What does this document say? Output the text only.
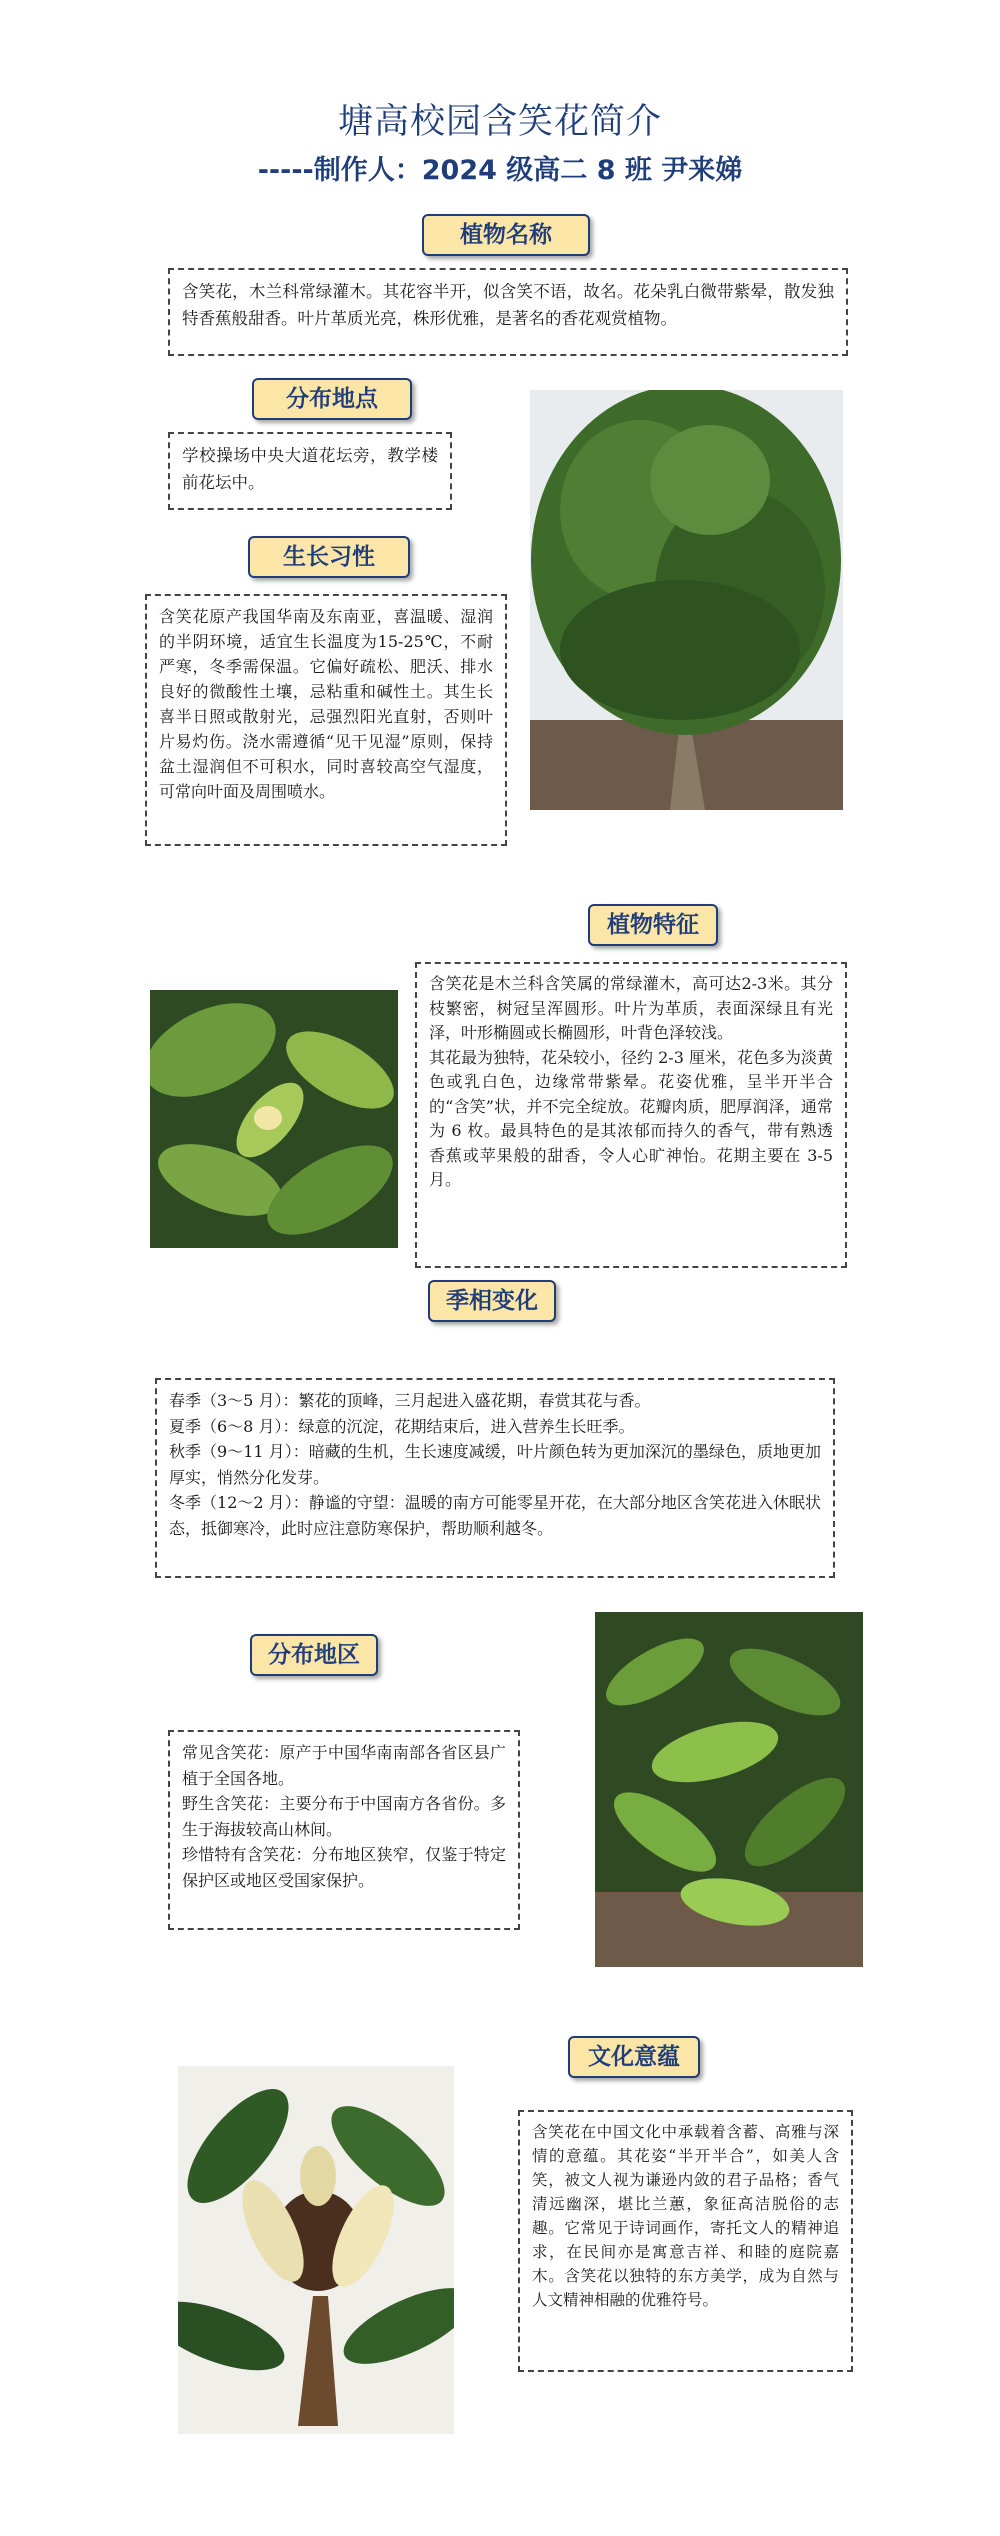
塘高校园含笑花简介
-----制作人：2024 级高二 8 班 尹来娣
植物名称

含笑花，木兰科常绿灌木。其花容半开，似含笑不语，故名。花朵乳白微带紫晕，散发独特香蕉般甜香。叶片革质光亮，株形优雅，是著名的香花观赏植物。

分布地点

学校操场中央大道花坛旁，教学楼前花坛中。

生长习性

含笑花原产我国华南及东南亚，喜温暖、湿润的半阴环境，适宜生长温度为15-25℃，不耐严寒，冬季需保温。它偏好疏松、肥沃、排水良好的微酸性土壤，忌粘重和碱性土。其生长喜半日照或散射光，忌强烈阳光直射，否则叶片易灼伤。浇水需遵循“见干见湿”原则，保持盆土湿润但不可积水，同时喜较高空气湿度，可常向叶面及周围喷水。

植物特征

含笑花是木兰科含笑属的常绿灌木，高可达2-3米。其分枝繁密，树冠呈浑圆形。叶片为革质，表面深绿且有光泽，叶形椭圆或长椭圆形，叶背色泽较浅。

其花最为独特，花朵较小，径约 2-3 厘米，花色多为淡黄色或乳白色，边缘常带紫晕。花姿优雅，呈半开半合的“含笑”状，并不完全绽放。花瓣肉质，肥厚润泽，通常为 6 枚。最具特色的是其浓郁而持久的香气，带有熟透香蕉或苹果般的甜香，令人心旷神怡。花期主要在 3-5 月。

季相变化

春季（3～5 月）：繁花的顶峰，三月起进入盛花期，春赏其花与香。

夏季（6～8 月）：绿意的沉淀，花期结束后，进入营养生长旺季。

秋季（9～11 月）：暗藏的生机，生长速度减缓，叶片颜色转为更加深沉的墨绿色，质地更加厚实，悄然分化发芽。

冬季（12～2 月）：静谧的守望：温暖的南方可能零星开花，在大部分地区含笑花进入休眠状态，抵御寒冷，此时应注意防寒保护，帮助顺利越冬。

分布地区

常见含笑花：原产于中国华南南部各省区县广植于全国各地。

野生含笑花：主要分布于中国南方各省份。多生于海拔较高山林间。

珍惜特有含笑花：分布地区狭窄，仅鉴于特定保护区或地区受国家保护。

文化意蕴

含笑花在中国文化中承载着含蓄、高雅与深情的意蕴。其花姿“半开半合”，如美人含笑，被文人视为谦逊内敛的君子品格；香气清远幽深，堪比兰蕙，象征高洁脱俗的志趣。它常见于诗词画作，寄托文人的精神追求，在民间亦是寓意吉祥、和睦的庭院嘉木。含笑花以独特的东方美学，成为自然与人文精神相融的优雅符号。
